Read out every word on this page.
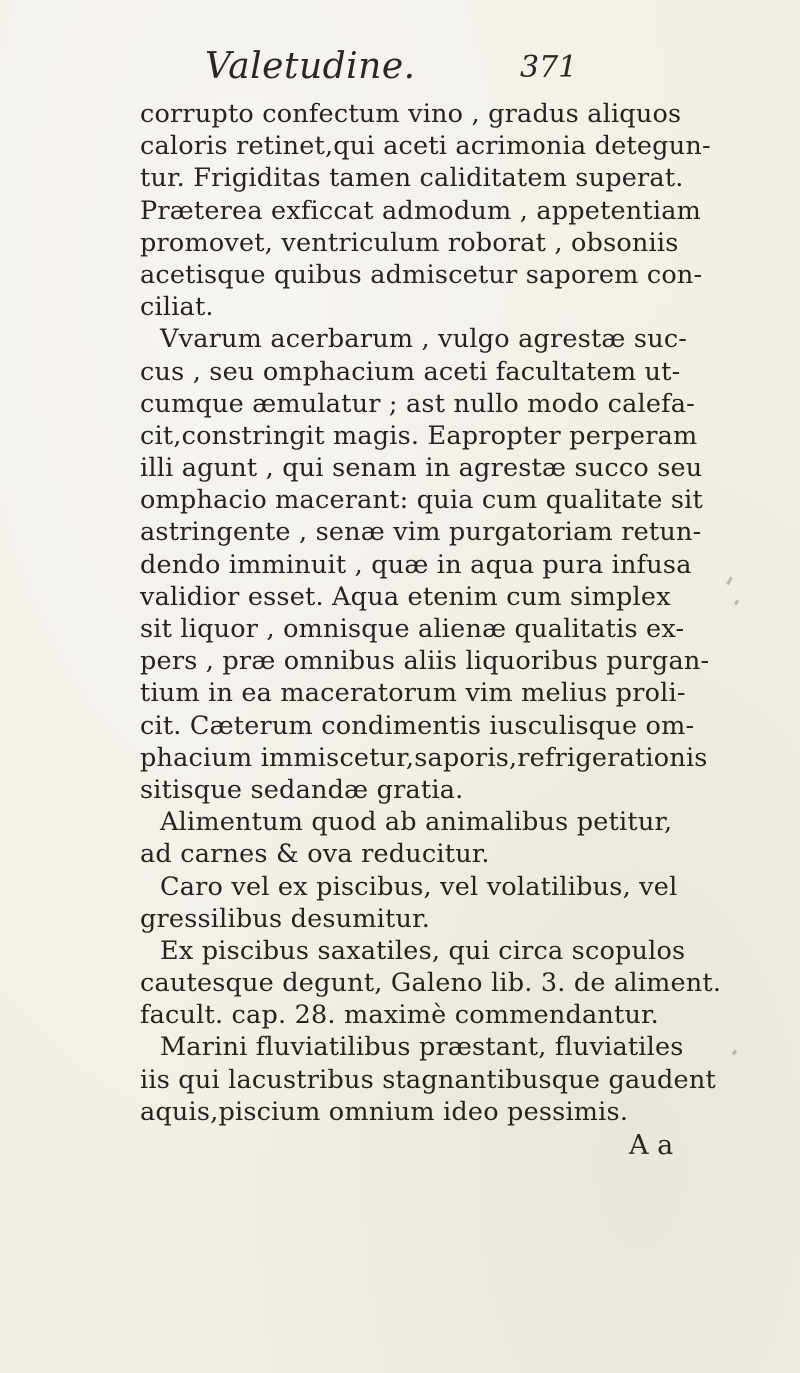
Valetudine.	371
corrupto confectum vino , gradus aliquos
caloris retinet,qui aceti acrimonia detegun-
tur. Frigiditas tamen caliditatem superat.
Prӕterea exficcat admodum , appetentiam
promovet, ventriculum roborat , obsoniis
acetisque quibus admiscetur saporem con-
ciliat.
Vvarum acerbarum , vulgo agrestӕ suc-
cus , seu omphacium aceti facultatem ut-
cumque ӕmulatur ; ast nullo modo calefa-
cit,constringit magis. Eapropter perperam
illi agunt , qui senam in agrestӕ succo seu
omphacio macerant: quia cum qualitate sit
astringente , senӕ vim purgatoriam retun-
dendo imminuit , quӕ in aqua pura infusa
validior esset. Aqua etenim cum simplex
sit liquor , omnisque alienӕ qualitatis ex-
pers , prӕ omnibus aliis liquoribus purgan-
tium in ea maceratorum vim melius proli-
cit. Cӕterum condimentis iusculisque om-
phacium immiscetur,saporis,refrigerationis
sitisque sedandӕ gratia.
Alimentum quod ab animalibus petitur,
ad carnes & ova reducitur.
Caro vel ex piscibus, vel volatilibus, vel
gressilibus desumitur.
Ex piscibus saxatiles, qui circa scopulos
cautesque degunt, Galeno lib. 3. de aliment.
facult. cap. 28. maximè commendantur.
Marini fluviatilibus prӕstant, fluviatiles
iis qui lacustribus stagnantibusque gaudent
aquis,piscium omnium ideo pessimis.
A a
